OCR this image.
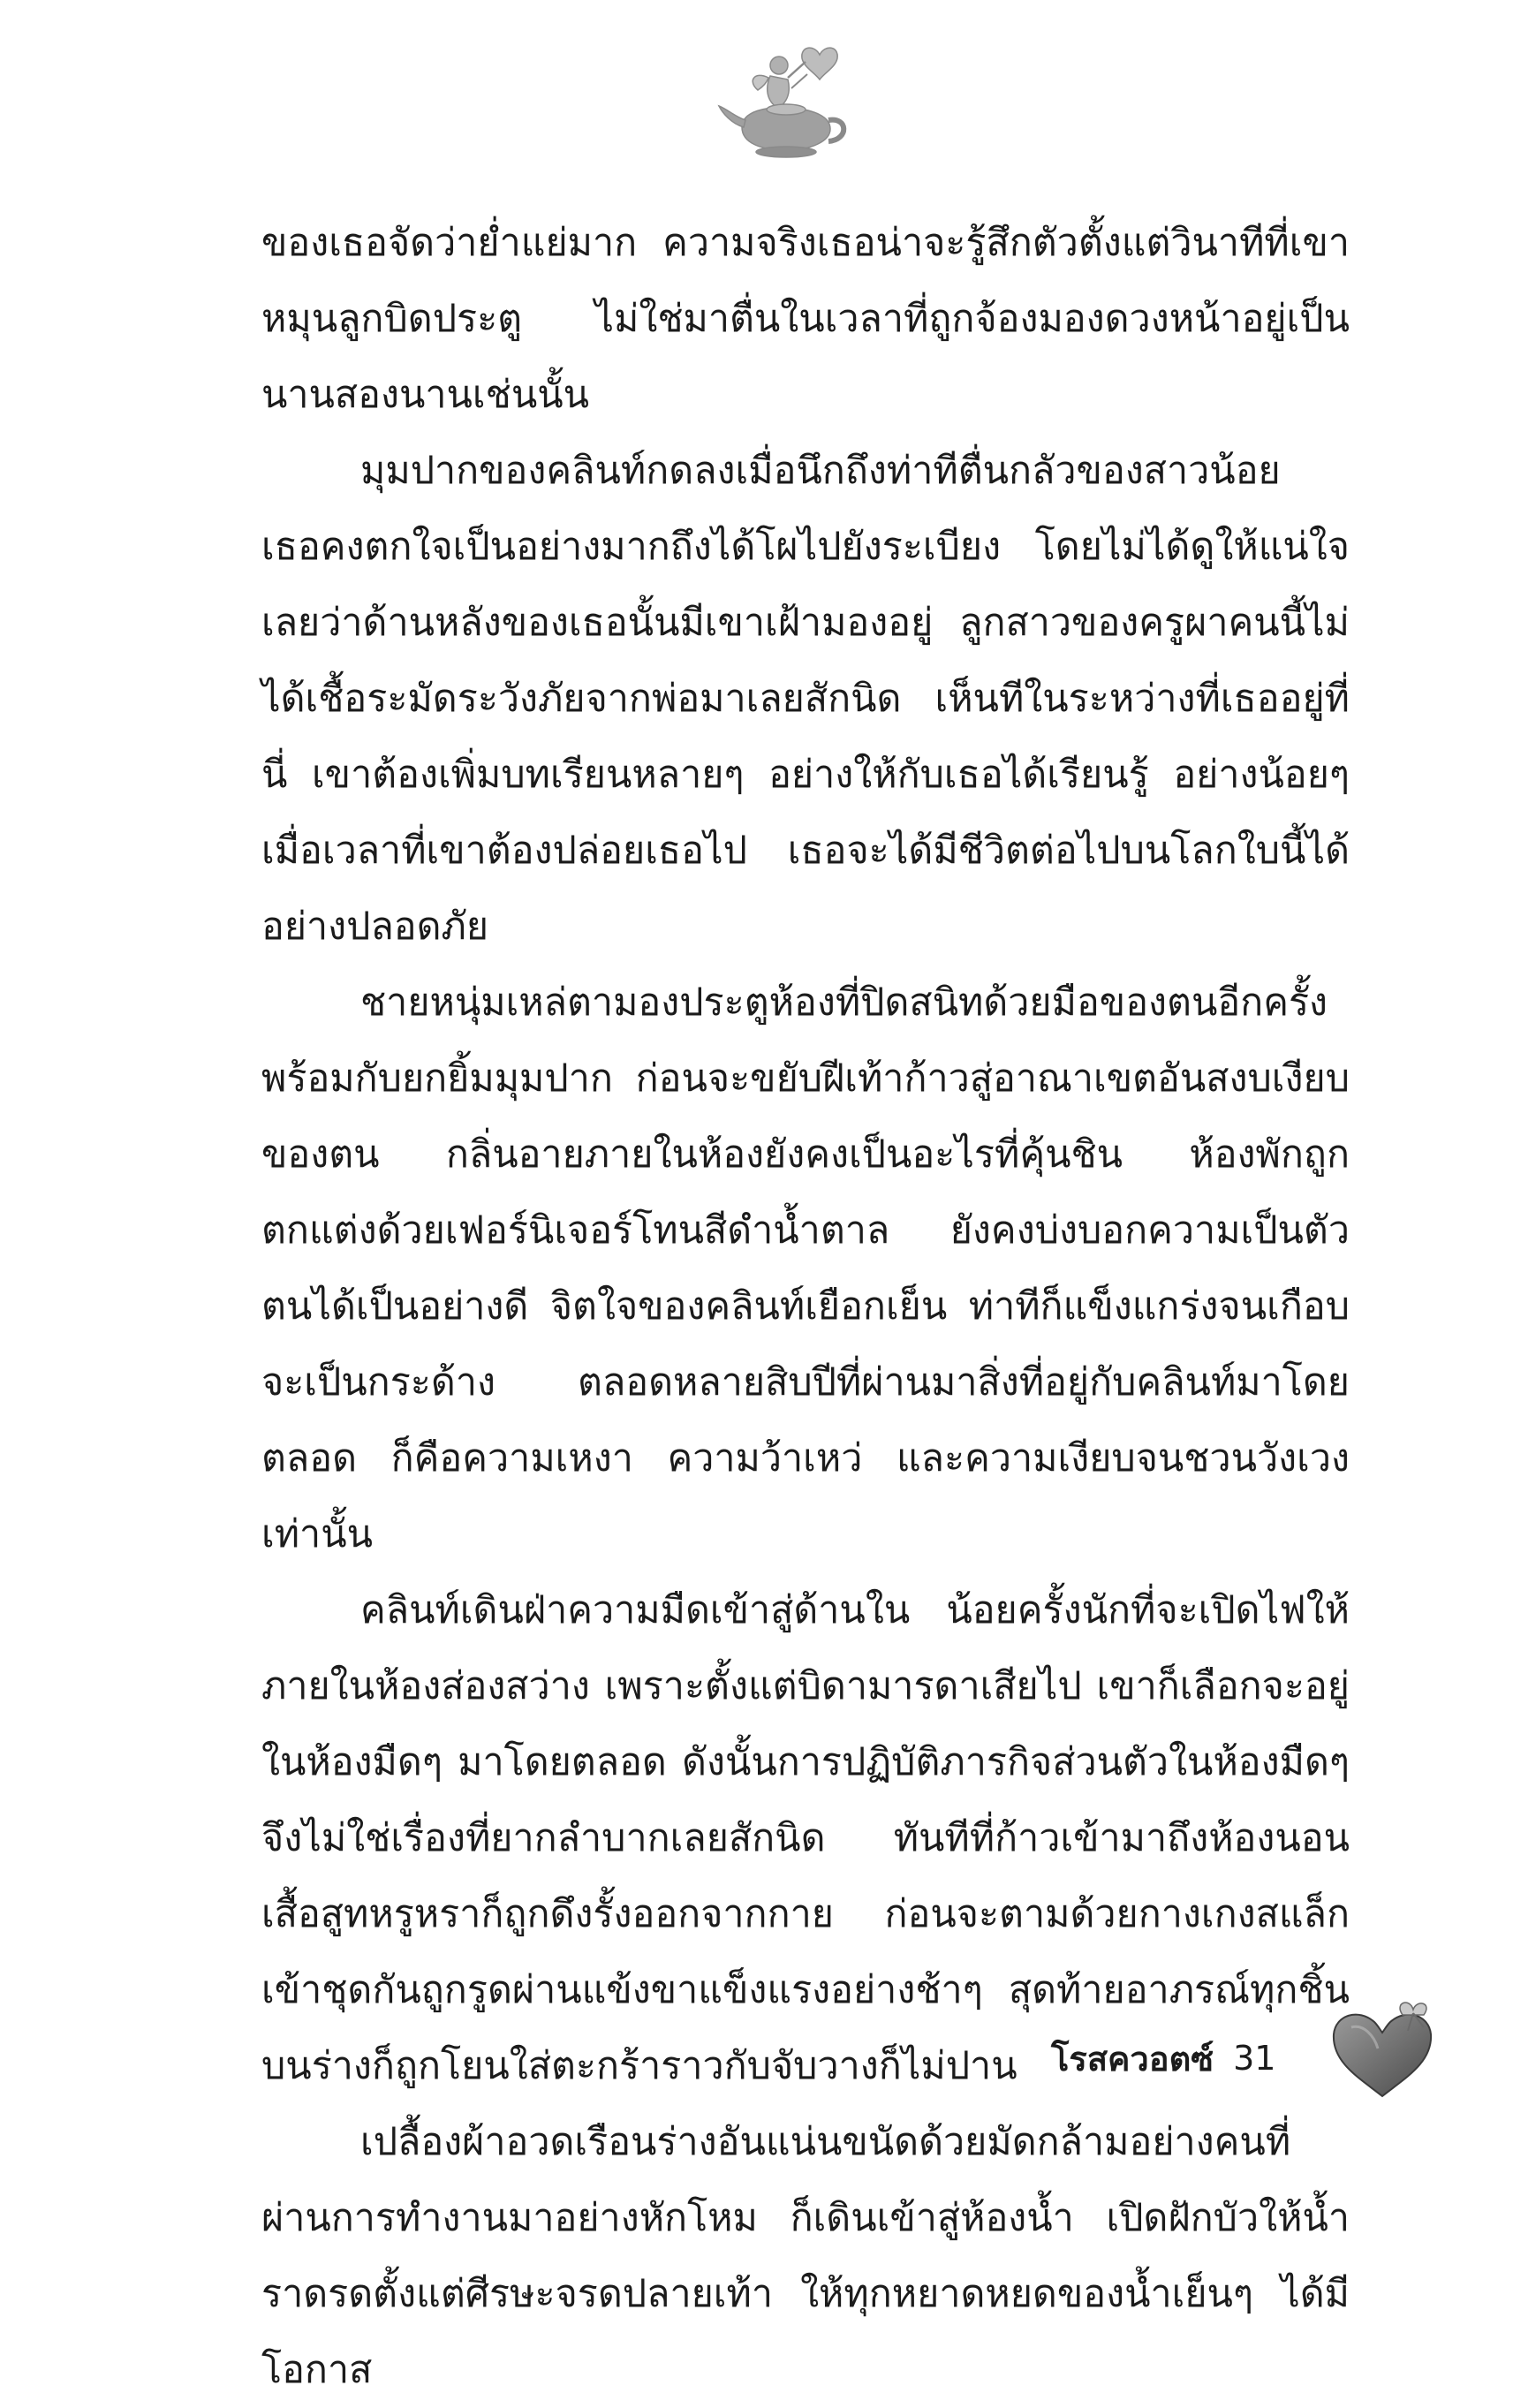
ของเธอจัดว่าย่ำแย่มาก ความจริงเธอน่าจะรู้สึกตัวตั้งแต่วินาทีที่เขาหมุนลูกบิดประตู ไม่ใช่มาตื่นในเวลาที่ถูกจ้องมองดวงหน้าอยู่เป็นนานสองนานเช่นนั้น

มุมปากของคลินท์กดลงเมื่อนึกถึงท่าทีตื่นกลัวของสาวน้อย เธอคงตกใจเป็นอย่างมากถึงได้โผไปยังระเบียง โดยไม่ได้ดูให้แน่ใจเลยว่าด้านหลังของเธอนั้นมีเขาเฝ้ามองอยู่ ลูกสาวของครูผาคนนี้ไม่ได้เชื้อระมัดระวังภัยจากพ่อมาเลยสักนิด เห็นทีในระหว่างที่เธออยู่ที่นี่ เขาต้องเพิ่มบทเรียนหลายๆ อย่างให้กับเธอได้เรียนรู้ อย่างน้อยๆ เมื่อเวลาที่เขาต้องปล่อยเธอไป เธอจะได้มีชีวิตต่อไปบนโลกใบนี้ได้อย่างปลอดภัย

ชายหนุ่มเหล่ตามองประตูห้องที่ปิดสนิทด้วยมือของตนอีกครั้งพร้อมกับยกยิ้มมุมปาก ก่อนจะขยับฝีเท้าก้าวสู่อาณาเขตอันสงบเงียบของตน กลิ่นอายภายในห้องยังคงเป็นอะไรที่คุ้นชิน ห้องพักถูกตกแต่งด้วยเฟอร์นิเจอร์โทนสีดำน้ำตาล ยังคงบ่งบอกความเป็นตัวตนได้เป็นอย่างดี จิตใจของคลินท์เยือกเย็น ท่าทีก็แข็งแกร่งจนเกือบจะเป็นกระด้าง ตลอดหลายสิบปีที่ผ่านมาสิ่งที่อยู่กับคลินท์มาโดยตลอด ก็คือความเหงา ความว้าเหว่ และความเงียบจนชวนวังเวงเท่านั้น

คลินท์เดินฝ่าความมืดเข้าสู่ด้านใน น้อยครั้งนักที่จะเปิดไฟให้ภายในห้องส่องสว่าง เพราะตั้งแต่บิดามารดาเสียไป เขาก็เลือกจะอยู่ในห้องมืดๆ มาโดยตลอด ดังนั้นการปฏิบัติภารกิจส่วนตัวในห้องมืดๆ จึงไม่ใช่เรื่องที่ยากลำบากเลยสักนิด ทันทีที่ก้าวเข้ามาถึงห้องนอน เสื้อสูทหรูหราก็ถูกดึงรั้งออกจากกาย ก่อนจะตามด้วยกางเกงสแล็กเข้าชุดกันถูกรูดผ่านแข้งขาแข็งแรงอย่างช้าๆ สุดท้ายอาภรณ์ทุกชิ้นบนร่างก็ถูกโยนใส่ตะกร้าราวกับจับวางก็ไม่ปาน

เปลื้องผ้าอวดเรือนร่างอันแน่นขนัดด้วยมัดกล้ามอย่างคนที่ผ่านการทำงานมาอย่างหักโหม ก็เดินเข้าสู่ห้องน้ำ เปิดฝักบัวให้น้ำราดรดตั้งแต่ศีรษะจรดปลายเท้า ให้ทุกหยาดหยดของน้ำเย็นๆ ได้มีโอกาส

โรสควอตซ์ 31
